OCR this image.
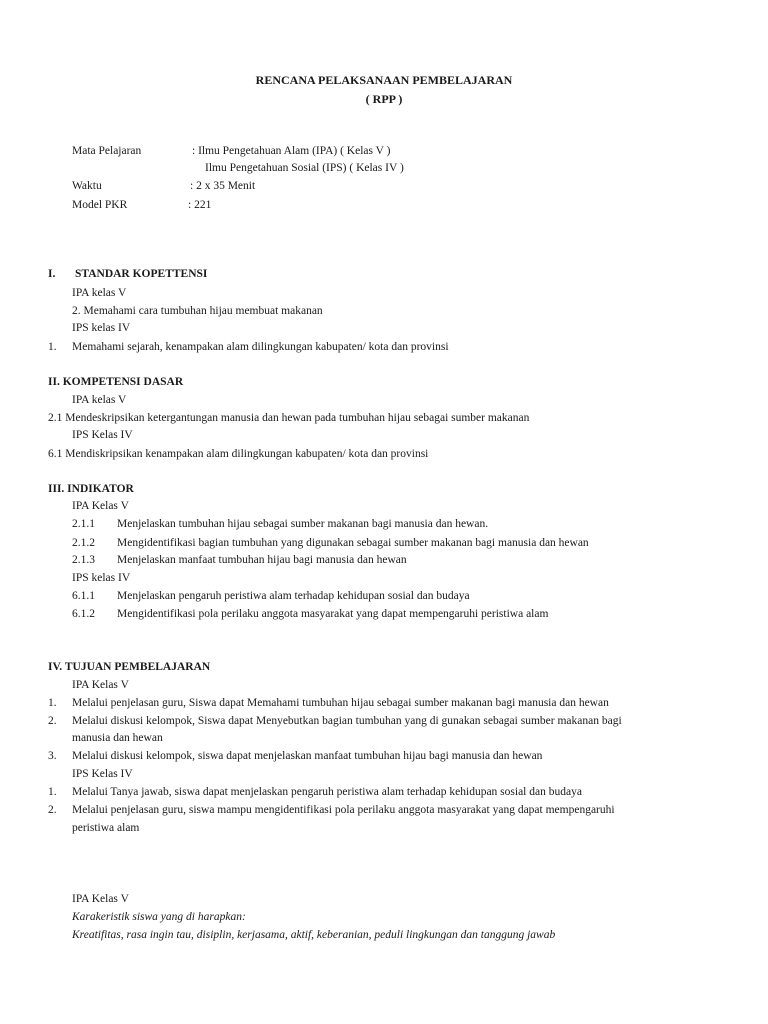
RENCANA PELAKSANAAN PEMBELAJARAN
( RPP )
Mata Pelajaran	: Ilmu Pengetahuan Alam (IPA) ( Kelas V )
Ilmu Pengetahuan Sosial (IPS) ( Kelas IV )
Waktu	: 2 x 35 Menit
Model PKR	: 221
I. STANDAR KOPETTENSI
IPA kelas V
2. Memahami cara tumbuhan hijau membuat makanan
IPS kelas IV
1. Memahami sejarah, kenampakan alam dilingkungan kabupaten/ kota dan provinsi
II. KOMPETENSI DASAR
IPA kelas V
2.1 Mendeskripsikan ketergantungan manusia dan hewan pada tumbuhan hijau sebagai sumber makanan
IPS Kelas IV
6.1 Mendiskripsikan kenampakan alam dilingkungan kabupaten/ kota dan provinsi
III. INDIKATOR
IPA Kelas V
2.1.1 Menjelaskan tumbuhan hijau sebagai sumber makanan bagi manusia dan hewan.
2.1.2 Mengidentifikasi bagian tumbuhan yang digunakan sebagai sumber makanan bagi manusia dan hewan
2.1.3 Menjelaskan manfaat tumbuhan hijau bagi manusia dan hewan
IPS kelas IV
6.1.1 Menjelaskan pengaruh peristiwa alam terhadap kehidupan sosial dan budaya
6.1.2 Mengidentifikasi pola perilaku anggota masyarakat yang dapat mempengaruhi peristiwa alam
IV. TUJUAN PEMBELAJARAN
IPA Kelas V
1. Melalui penjelasan guru, Siswa dapat Memahami tumbuhan hijau sebagai sumber makanan bagi manusia dan hewan
2. Melalui diskusi kelompok, Siswa dapat Menyebutkan bagian tumbuhan yang di gunakan sebagai sumber makanan bagi
manusia dan hewan
3. Melalui diskusi kelompok, siswa dapat menjelaskan manfaat tumbuhan hijau bagi manusia dan hewan
IPS Kelas IV
1. Melalui Tanya jawab, siswa dapat menjelaskan pengaruh peristiwa alam terhadap kehidupan sosial dan budaya
2. Melalui penjelasan guru, siswa mampu mengidentifikasi pola perilaku anggota masyarakat yang dapat mempengaruhi
peristiwa alam
IPA Kelas V
Karakeristik siswa yang di harapkan:
Kreatifitas, rasa ingin tau, disiplin, kerjasama, aktif, keberanian, peduli lingkungan dan tanggung jawab
